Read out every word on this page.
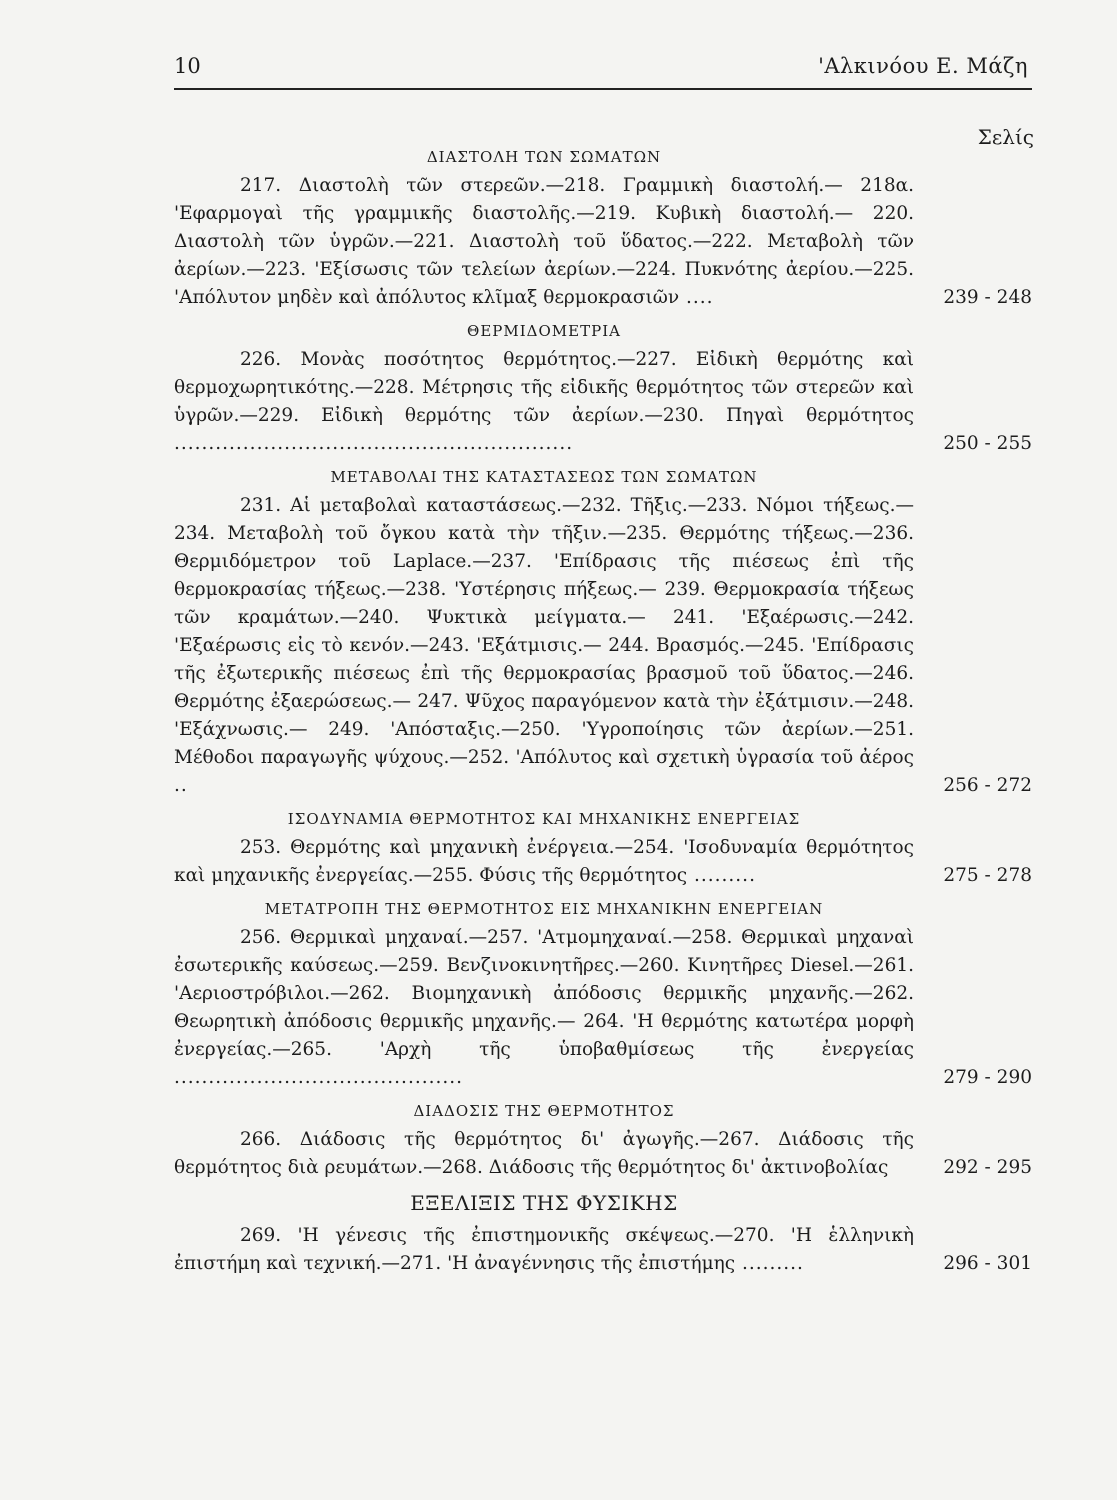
10	'Αλκινόου Ε. Μάζη
Σελίς
ΔΙΑΣΤΟΛΗ ΤΩΝ ΣΩΜΑΤΩΝ

217. Διαστολὴ τῶν στερεῶν.—218. Γραμμικὴ διαστολή.— 218α. 'Εφαρμογαὶ τῆς γραμμικῆς διαστολῆς.—219. Κυβικὴ διαστολή.— 220. Διαστολὴ τῶν ὑγρῶν.—221. Διαστολὴ τοῦ ὕδατος.—222. Μεταβολὴ τῶν ἀερίων.—223. 'Εξίσωσις τῶν τελείων ἀερίων.—224. Πυκνότης ἀερίου.—225. 'Απόλυτον μηδὲν καὶ ἀπόλυτος κλῖμαξ θερμοκρασιῶν ....	239 - 248

ΘΕΡΜΙΔΟΜΕΤΡΙΑ

226. Μονὰς ποσότητος θερμότητος.—227. Εἰδικὴ θερμότης καὶ θερμοχωρητικότης.—228. Μέτρησις τῆς εἰδικῆς θερμότητος τῶν στερεῶν καὶ ὑγρῶν.—229. Εἰδικὴ θερμότης τῶν ἀερίων.—230. Πηγαὶ θερμότητος ..........................................................	250 - 255

ΜΕΤΑΒΟΛΑΙ ΤΗΣ ΚΑΤΑΣΤΑΣΕΩΣ ΤΩΝ ΣΩΜΑΤΩΝ

231. Αἱ μεταβολαὶ καταστάσεως.—232. Τῆξις.—233. Νόμοι τήξεως.—234. Μεταβολὴ τοῦ ὄγκου κατὰ τὴν τῆξιν.—235. Θερμότης τήξεως.—236. Θερμιδόμετρον τοῦ Laplace.—237. 'Επίδρασις τῆς πιέσεως ἐπὶ τῆς θερμοκρασίας τήξεως.—238. 'Υστέρησις πήξεως.— 239. Θερμοκρασία τήξεως τῶν κραμάτων.—240. Ψυκτικὰ μείγματα.— 241. 'Εξαέρωσις.—242. 'Εξαέρωσις εἰς τὸ κενόν.—243. 'Εξάτμισις.— 244. Βρασμός.—245. 'Επίδρασις τῆς ἐξωτερικῆς πιέσεως ἐπὶ τῆς θερμοκρασίας βρασμοῦ τοῦ ὕδατος.—246. Θερμότης ἐξαερώσεως.— 247. Ψῦχος παραγόμενον κατὰ τὴν ἐξάτμισιν.—248. 'Εξάχνωσις.— 249. 'Απόσταξις.—250. 'Υγροποίησις τῶν ἀερίων.—251. Μέθοδοι παραγωγῆς ψύχους.—252. 'Απόλυτος καὶ σχετικὴ ὑγρασία τοῦ ἀέρος ..	256 - 272

ΙΣΟΔΥΝΑΜΙΑ ΘΕΡΜΟΤΗΤΟΣ ΚΑΙ ΜΗΧΑΝΙΚΗΣ ΕΝΕΡΓΕΙΑΣ

253. Θερμότης καὶ μηχανικὴ ἐνέργεια.—254. 'Ισοδυναμία θερμότητος καὶ μηχανικῆς ἐνεργείας.—255. Φύσις τῆς θερμότητος .........	275 - 278

ΜΕΤΑΤΡΟΠΗ ΤΗΣ ΘΕΡΜΟΤΗΤΟΣ ΕΙΣ ΜΗΧΑΝΙΚΗΝ ΕΝΕΡΓΕΙΑΝ

256. Θερμικαὶ μηχαναί.—257. 'Ατμομηχαναί.—258. Θερμικαὶ μηχαναὶ ἐσωτερικῆς καύσεως.—259. Βενζινοκινητῆρες.—260. Κινητῆρες Diesel.—261. 'Αεριοστρόβιλοι.—262. Βιομηχανικὴ ἀπόδοσις θερμικῆς μηχανῆς.—262. Θεωρητικὴ ἀπόδοσις θερμικῆς μηχανῆς.— 264. 'Η θερμότης κατωτέρα μορφὴ ἐνεργείας.—265. 'Αρχὴ τῆς ὑποβαθμίσεως τῆς ἐνεργείας ..........................................	279 - 290

ΔΙΑΔΟΣΙΣ ΤΗΣ ΘΕΡΜΟΤΗΤΟΣ

266. Διάδοσις τῆς θερμότητος δι' ἀγωγῆς.—267. Διάδοσις τῆς θερμότητος διὰ ρευμάτων.—268. Διάδοσις τῆς θερμότητος δι' ἀκτινοβολίας	292 - 295

ΕΞΕΛΙΞΙΣ ΤΗΣ ΦΥΣΙΚΗΣ

269. 'Η γένεσις τῆς ἐπιστημονικῆς σκέψεως.—270. 'Η ἑλληνικὴ ἐπιστήμη καὶ τεχνική.—271. 'Η ἀναγέννησις τῆς ἐπιστήμης .........	296 - 301
